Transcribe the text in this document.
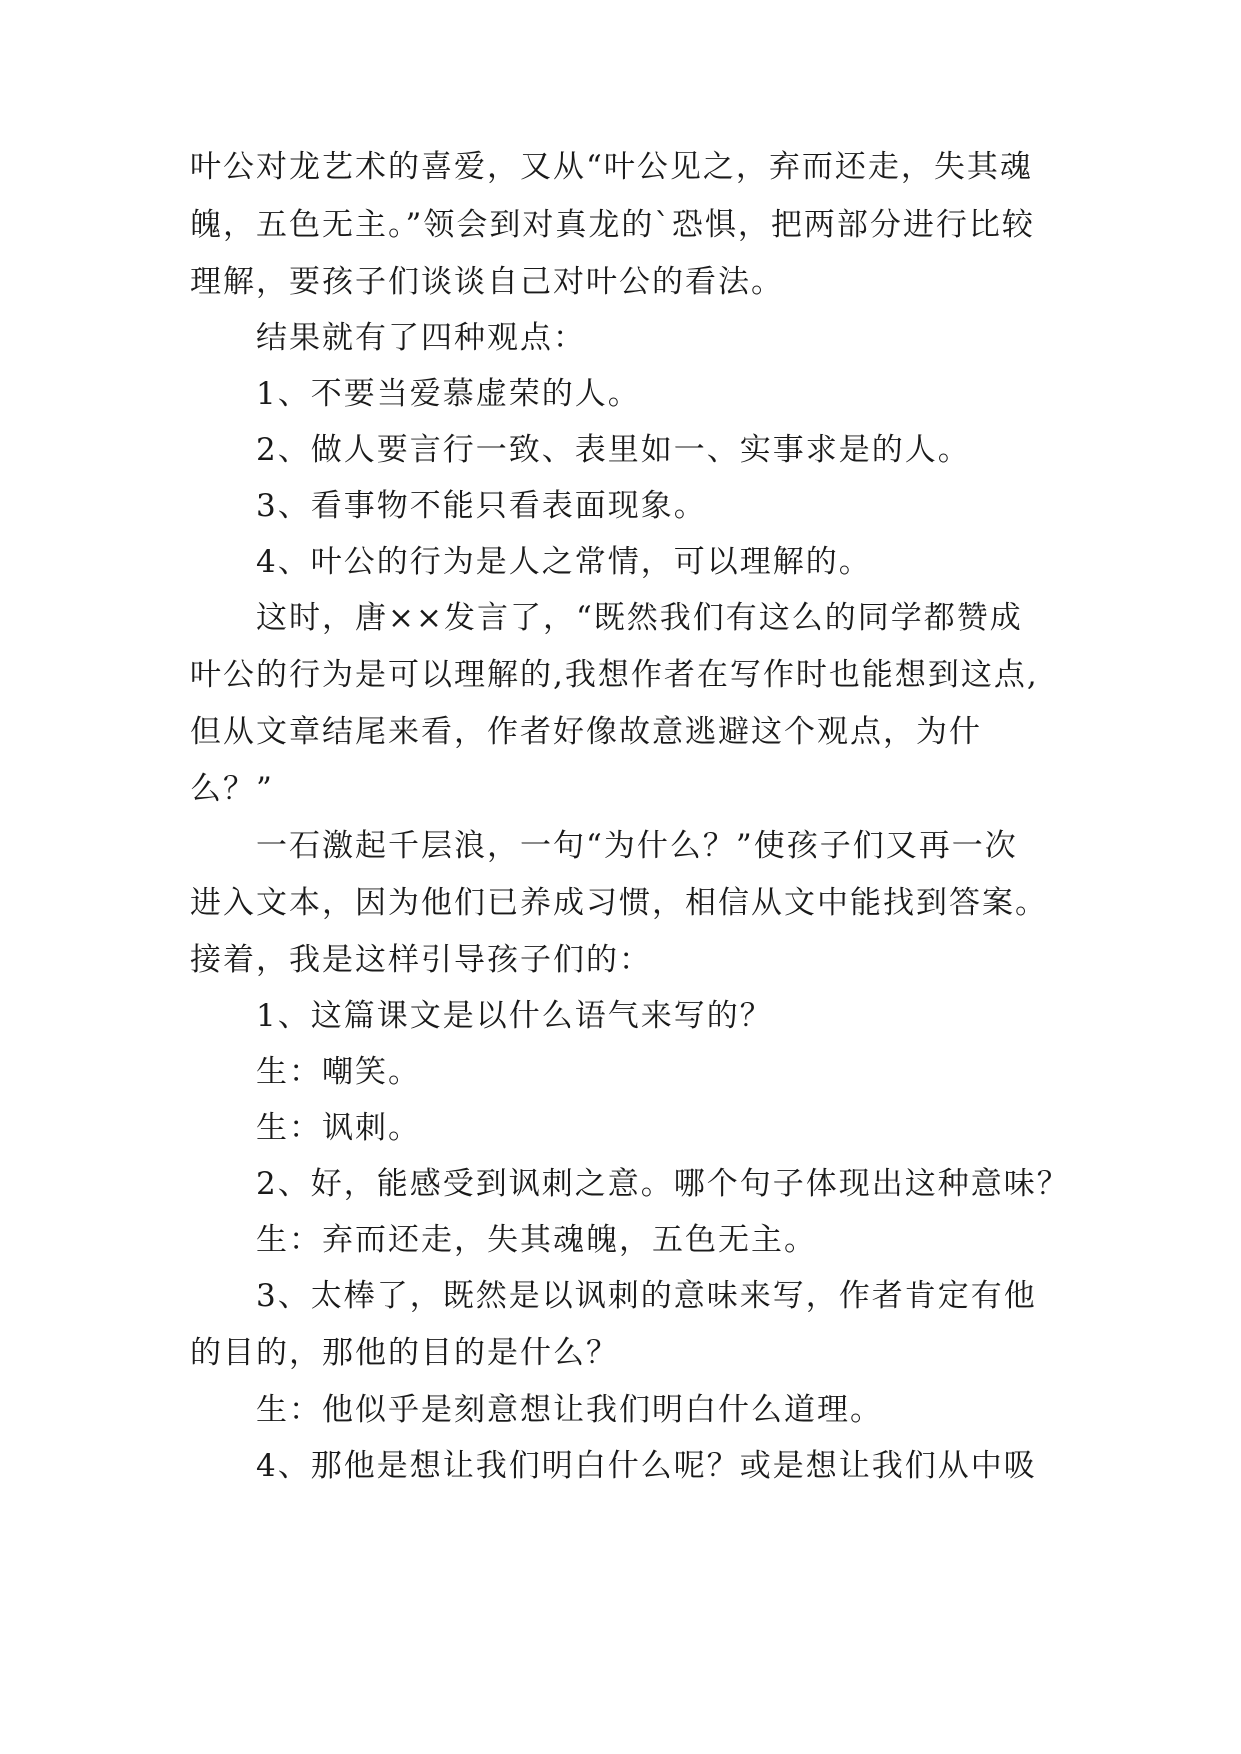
叶公对龙艺术的喜爱，又从“叶公见之，弃而还走，失其魂
魄，五色无主。”领会到对真龙的`恐惧，把两部分进行比较
理解，要孩子们谈谈自己对叶公的看法。
结果就有了四种观点：
1、不要当爱慕虚荣的人。
2、做人要言行一致、表里如一、实事求是的人。
3、看事物不能只看表面现象。
4、叶公的行为是人之常情，可以理解的。
这时，唐××发言了，“既然我们有这么的同学都赞成
叶公的行为是可以理解的,我想作者在写作时也能想到这点,
但从文章结尾来看，作者好像故意逃避这个观点，为什
么？”
一石激起千层浪，一句“为什么？”使孩子们又再一次
进入文本，因为他们已养成习惯，相信从文中能找到答案。
接着，我是这样引导孩子们的：
1、这篇课文是以什么语气来写的？
生：嘲笑。
生：讽刺。
2、好，能感受到讽刺之意。哪个句子体现出这种意味？
生：弃而还走，失其魂魄，五色无主。
3、太棒了，既然是以讽刺的意味来写，作者肯定有他
的目的，那他的目的是什么？
生：他似乎是刻意想让我们明白什么道理。
4、那他是想让我们明白什么呢？或是想让我们从中吸
